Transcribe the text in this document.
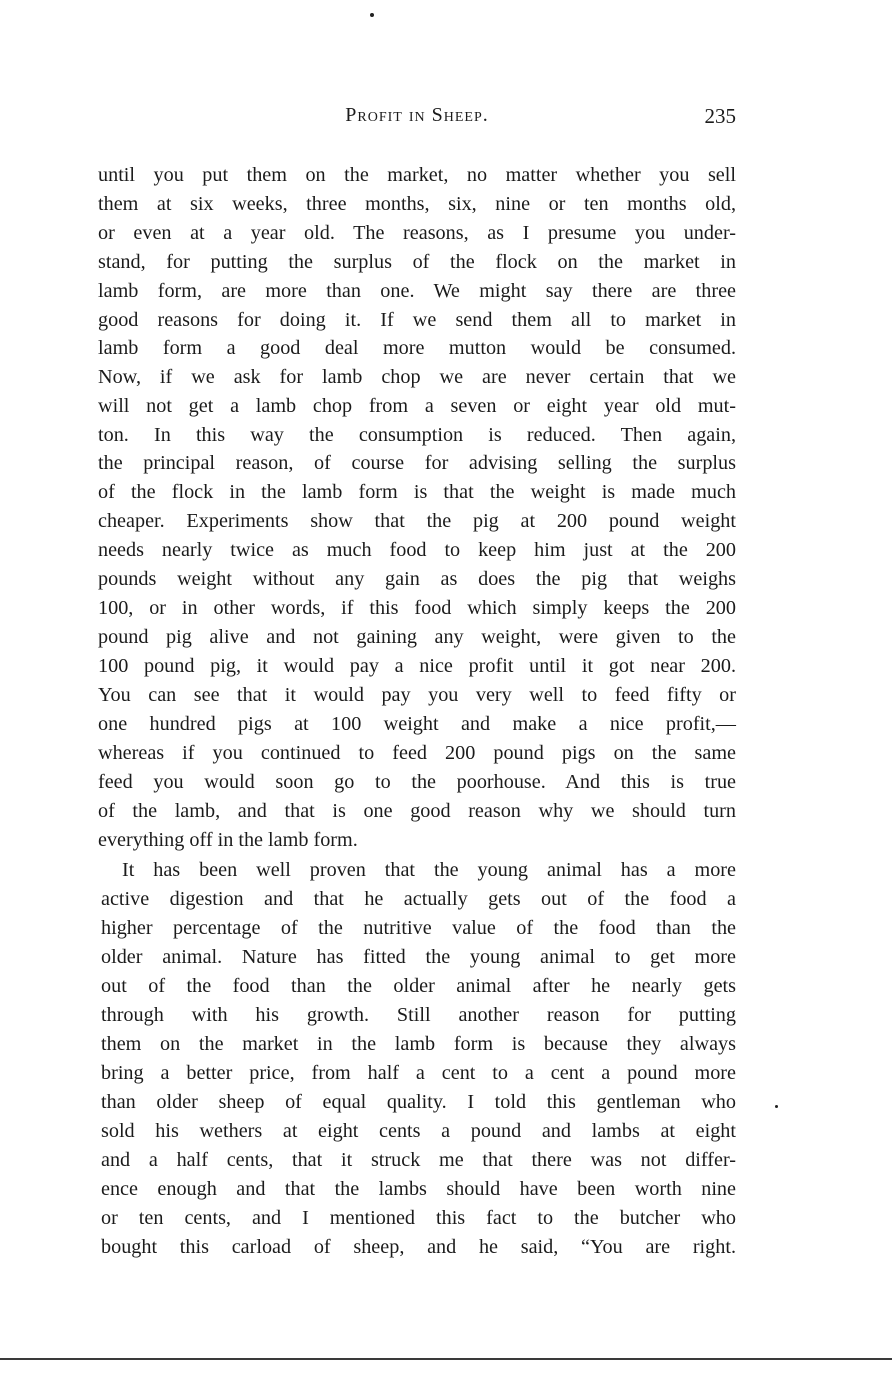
Profit in Sheep.	235
until you put them on the market, no matter whether you sell
them at six weeks, three months, six, nine or ten months old,
or even at a year old. The reasons, as I presume you under-
stand, for putting the surplus of the flock on the market in
lamb form, are more than one. We might say there are three
good reasons for doing it. If we send them all to market in
lamb form a good deal more mutton would be consumed.
Now, if we ask for lamb chop we are never certain that we
will not get a lamb chop from a seven or eight year old mut-
ton. In this way the consumption is reduced. Then again,
the principal reason, of course for advising selling the surplus
of the flock in the lamb form is that the weight is made much
cheaper. Experiments show that the pig at 200 pound weight
needs nearly twice as much food to keep him just at the 200
pounds weight without any gain as does the pig that weighs
100, or in other words, if this food which simply keeps the 200
pound pig alive and not gaining any weight, were given to the
100 pound pig, it would pay a nice profit until it got near 200.
You can see that it would pay you very well to feed fifty or
one hundred pigs at 100 weight and make a nice profit,—
whereas if you continued to feed 200 pound pigs on the same
feed you would soon go to the poorhouse. And this is true
of the lamb, and that is one good reason why we should turn
everything off in the lamb form.
It has been well proven that the young animal has a more
active digestion and that he actually gets out of the food a
higher percentage of the nutritive value of the food than the
older animal. Nature has fitted the young animal to get more
out of the food than the older animal after he nearly gets
through with his growth. Still another reason for putting
them on the market in the lamb form is because they always
bring a better price, from half a cent to a cent a pound more
than older sheep of equal quality. I told this gentleman who
sold his wethers at eight cents a pound and lambs at eight
and a half cents, that it struck me that there was not differ-
ence enough and that the lambs should have been worth nine
or ten cents, and I mentioned this fact to the butcher who
bought this carload of sheep, and he said, “You are right.
